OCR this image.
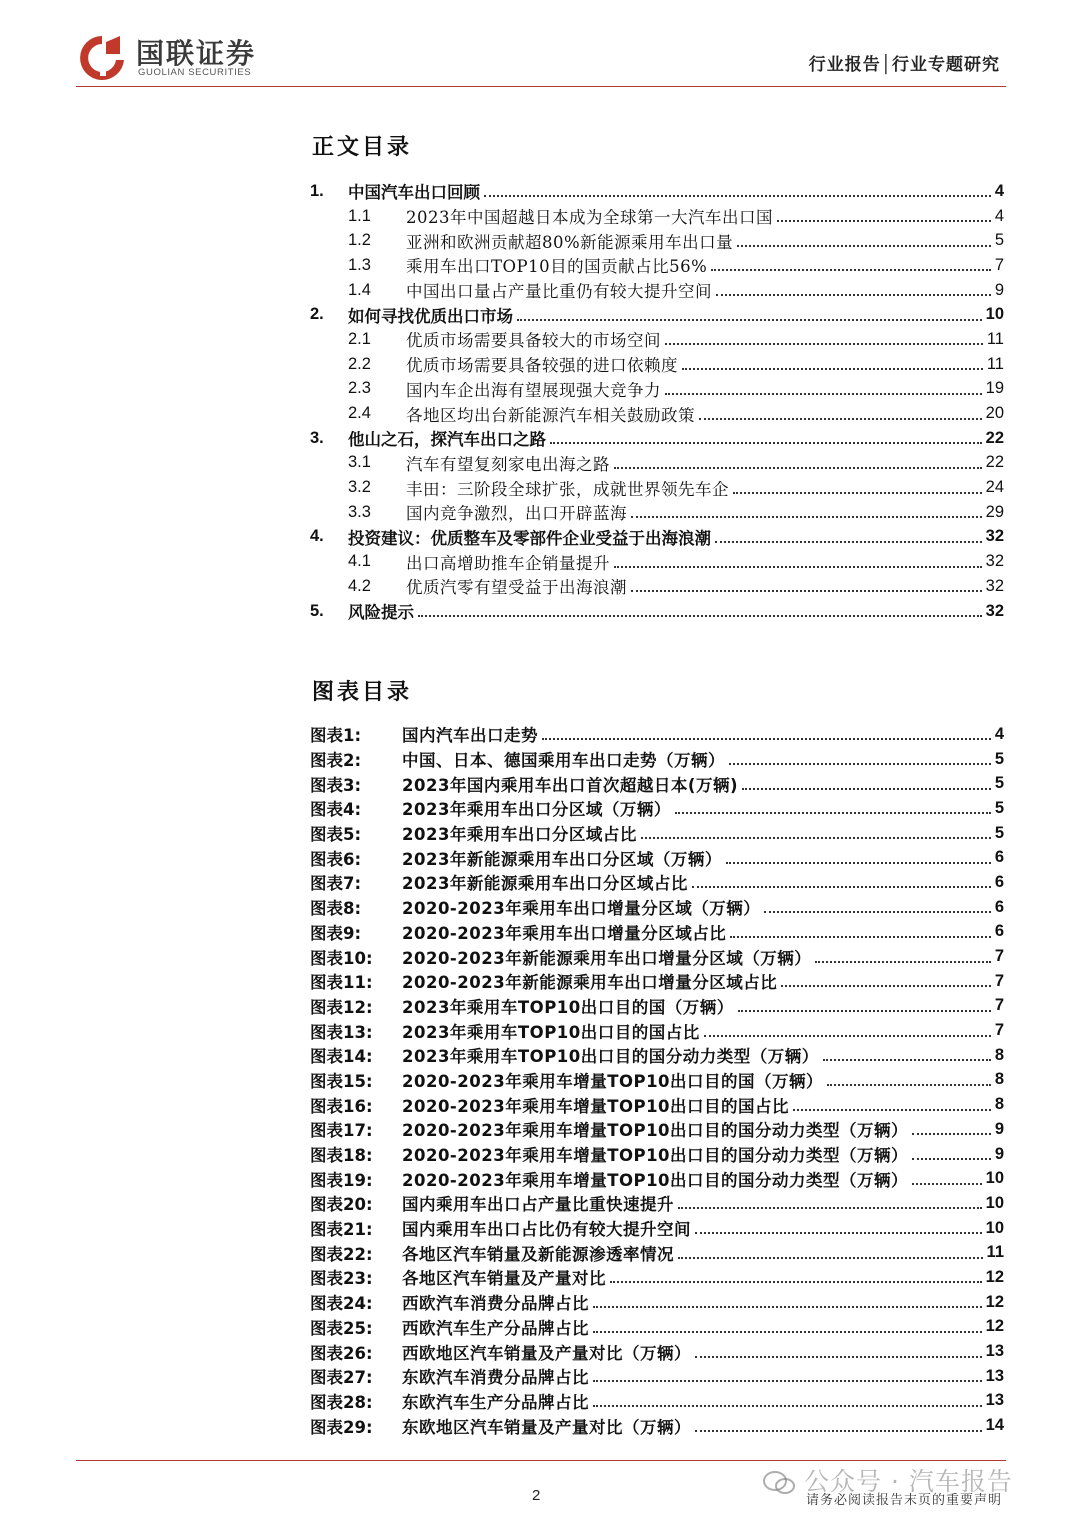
国联证券
GUOLIAN SECURITIES	行业报告│行业专题研究
正文目录
1.	中国汽车出口回顾	4
1.1	2023年中国超越日本成为全球第一大汽车出口国	4
1.2	亚洲和欧洲贡献超80%新能源乘用车出口量	5
1.3	乘用车出口TOP10目的国贡献占比56%	7
1.4	中国出口量占产量比重仍有较大提升空间	9
2.	如何寻找优质出口市场	10
2.1	优质市场需要具备较大的市场空间	11
2.2	优质市场需要具备较强的进口依赖度	11
2.3	国内车企出海有望展现强大竞争力	19
2.4	各地区均出台新能源汽车相关鼓励政策	20
3.	他山之石，探汽车出口之路	22
3.1	汽车有望复刻家电出海之路	22
3.2	丰田：三阶段全球扩张，成就世界领先车企	24
3.3	国内竞争激烈，出口开辟蓝海	29
4.	投资建议：优质整车及零部件企业受益于出海浪潮	32
4.1	出口高增助推车企销量提升	32
4.2	优质汽零有望受益于出海浪潮	32
5.	风险提示	32
图表目录
图表1:	国内汽车出口走势	4
图表2:	中国、日本、德国乘用车出口走势（万辆）	5
图表3:	2023年国内乘用车出口首次超越日本(万辆)	5
图表4:	2023年乘用车出口分区域（万辆）	5
图表5:	2023年乘用车出口分区域占比	5
图表6:	2023年新能源乘用车出口分区域（万辆）	6
图表7:	2023年新能源乘用车出口分区域占比	6
图表8:	2020-2023年乘用车出口增量分区域（万辆）	6
图表9:	2020-2023年乘用车出口增量分区域占比	6
图表10:	2020-2023年新能源乘用车出口增量分区域（万辆）	7
图表11:	2020-2023年新能源乘用车出口增量分区域占比	7
图表12:	2023年乘用车TOP10出口目的国（万辆）	7
图表13:	2023年乘用车TOP10出口目的国占比	7
图表14:	2023年乘用车TOP10出口目的国分动力类型（万辆）	8
图表15:	2020-2023年乘用车增量TOP10出口目的国（万辆）	8
图表16:	2020-2023年乘用车增量TOP10出口目的国占比	8
图表17:	2020-2023年乘用车增量TOP10出口目的国分动力类型（万辆）	9
图表18:	2020-2023年乘用车增量TOP10出口目的国分动力类型（万辆）	9
图表19:	2020-2023年乘用车增量TOP10出口目的国分动力类型（万辆）	10
图表20:	国内乘用车出口占产量比重快速提升	10
图表21:	国内乘用车出口占比仍有较大提升空间	10
图表22:	各地区汽车销量及新能源渗透率情况	11
图表23:	各地区汽车销量及产量对比	12
图表24:	西欧汽车消费分品牌占比	12
图表25:	西欧汽车生产分品牌占比	12
图表26:	西欧地区汽车销量及产量对比（万辆）	13
图表27:	东欧汽车消费分品牌占比	13
图表28:	东欧汽车生产分品牌占比	13
图表29:	东欧地区汽车销量及产量对比（万辆）	14
2	公众号 · 汽车报告
请务必阅读报告末页的重要声明
